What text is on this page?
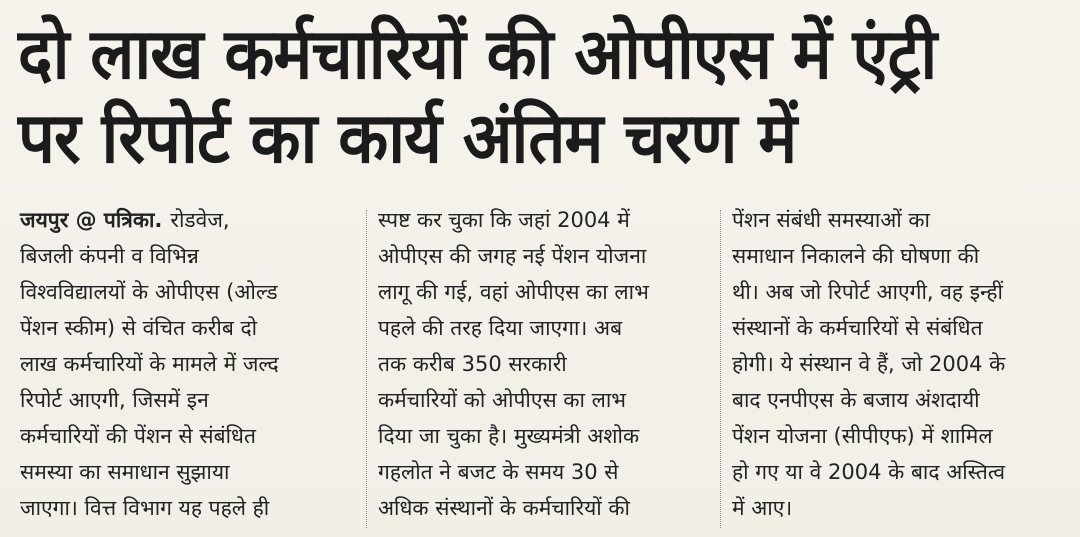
दो लाख कर्मचारियों की ओपीएस में एंट्री
पर रिपोर्ट का कार्य अंतिम चरण में
जयपुर @ पत्रिका. रोडवेज,
बिजली कंपनी व विभिन्न
विश्वविद्यालयों के ओपीएस (ओल्ड
पेंशन स्कीम) से वंचित करीब दो
लाख कर्मचारियों के मामले में जल्द
रिपोर्ट आएगी, जिसमें इन
कर्मचारियों की पेंशन से संबंधित
समस्या का समाधान सुझाया
जाएगा। वित्त विभाग यह पहले ही
स्पष्ट कर चुका कि जहां 2004 में
ओपीएस की जगह नई पेंशन योजना
लागू की गई, वहां ओपीएस का लाभ
पहले की तरह दिया जाएगा। अब
तक करीब 350 सरकारी
कर्मचारियों को ओपीएस का लाभ
दिया जा चुका है। मुख्यमंत्री अशोक
गहलोत ने बजट के समय 30 से
अधिक संस्थानों के कर्मचारियों की
पेंशन संबंधी समस्याओं का
समाधान निकालने की घोषणा की
थी। अब जो रिपोर्ट आएगी, वह इन्हीं
संस्थानों के कर्मचारियों से संबंधित
होगी। ये संस्थान वे हैं, जो 2004 के
बाद एनपीएस के बजाय अंशदायी
पेंशन योजना (सीपीएफ) में शामिल
हो गए या वे 2004 के बाद अस्तित्व
में आए।
